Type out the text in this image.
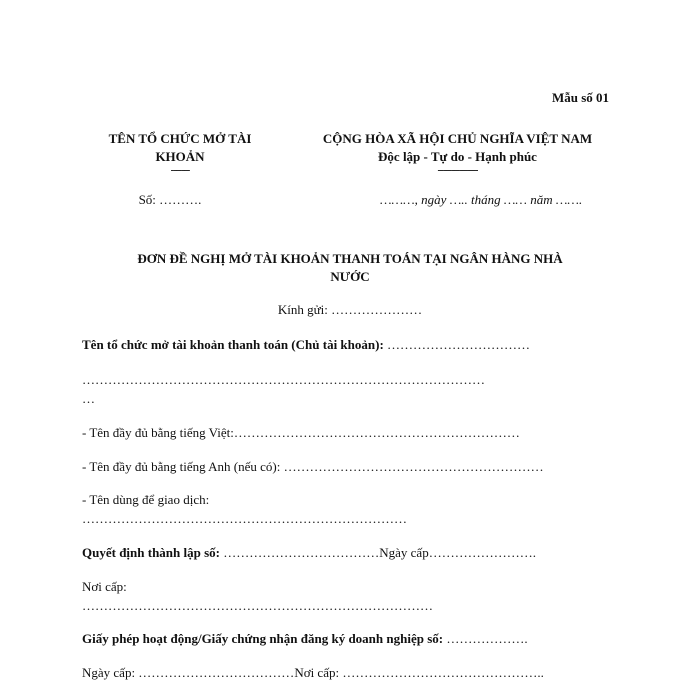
Mẫu số 01
TÊN TỔ CHỨC MỞ TÀI
KHOẢN
-------
Số: ……….
CỘNG HÒA XÃ HỘI CHỦ NGHĨA VIỆT NAM
Độc lập - Tự do - Hạnh phúc
---------------
………, ngày ….. tháng …… năm …….
ĐƠN ĐỀ NGHỊ MỞ TÀI KHOẢN THANH TOÁN TẠI NGÂN HÀNG NHÀ
NƯỚC
Kính gửi: …………………
Tên tổ chức mở tài khoản thanh toán (Chủ tài khoản): ……………………………
…………………………………………………………………………………
…
- Tên đầy đủ bằng tiếng Việt:…………………………………………………………
- Tên đầy đủ bằng tiếng Anh (nếu có): ……………………………………………………
- Tên dùng để giao dịch:
…………………………………………………………………
Quyết định thành lập số: ………………………………Ngày cấp…………………….
Nơi cấp:
………………………………………………………………………
Giấy phép hoạt động/Giấy chứng nhận đăng ký doanh nghiệp số: ……………….
Ngày cấp: ………………………………Nơi cấp: ………………………………………..
